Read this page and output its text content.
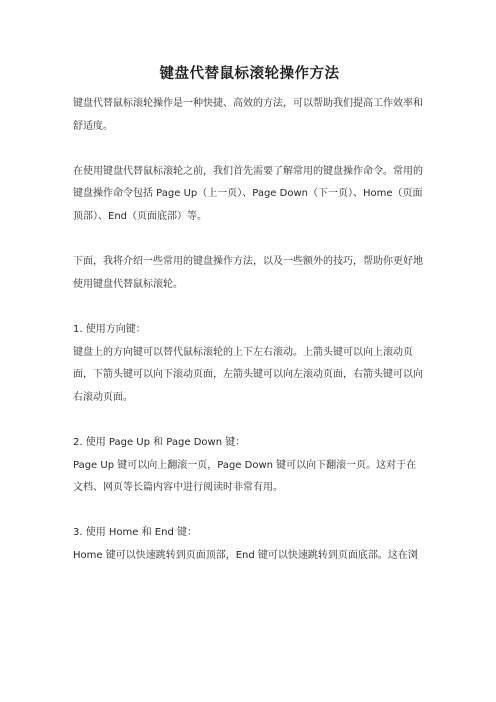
键盘代替鼠标滚轮操作方法

键盘代替鼠标滚轮操作是一种快捷、高效的方法，可以帮助我们提高工作效率和舒适度。

在使用键盘代替鼠标滚轮之前，我们首先需要了解常用的键盘操作命令。常用的键盘操作命令包括 Page Up（上一页）、Page Down（下一页）、Home（页面顶部）、End（页面底部）等。

下面，我将介绍一些常用的键盘操作方法，以及一些额外的技巧，帮助你更好地使用键盘代替鼠标滚轮。

1. 使用方向键：

键盘上的方向键可以替代鼠标滚轮的上下左右滚动。上箭头键可以向上滚动页面，下箭头键可以向下滚动页面，左箭头键可以向左滚动页面，右箭头键可以向右滚动页面。

2. 使用 Page Up 和 Page Down 键：

Page Up 键可以向上翻滚一页，Page Down 键可以向下翻滚一页。这对于在文档、网页等长篇内容中进行阅读时非常有用。

3. 使用 Home 和 End 键：

Home 键可以快速跳转到页面顶部，End 键可以快速跳转到页面底部。这在浏
